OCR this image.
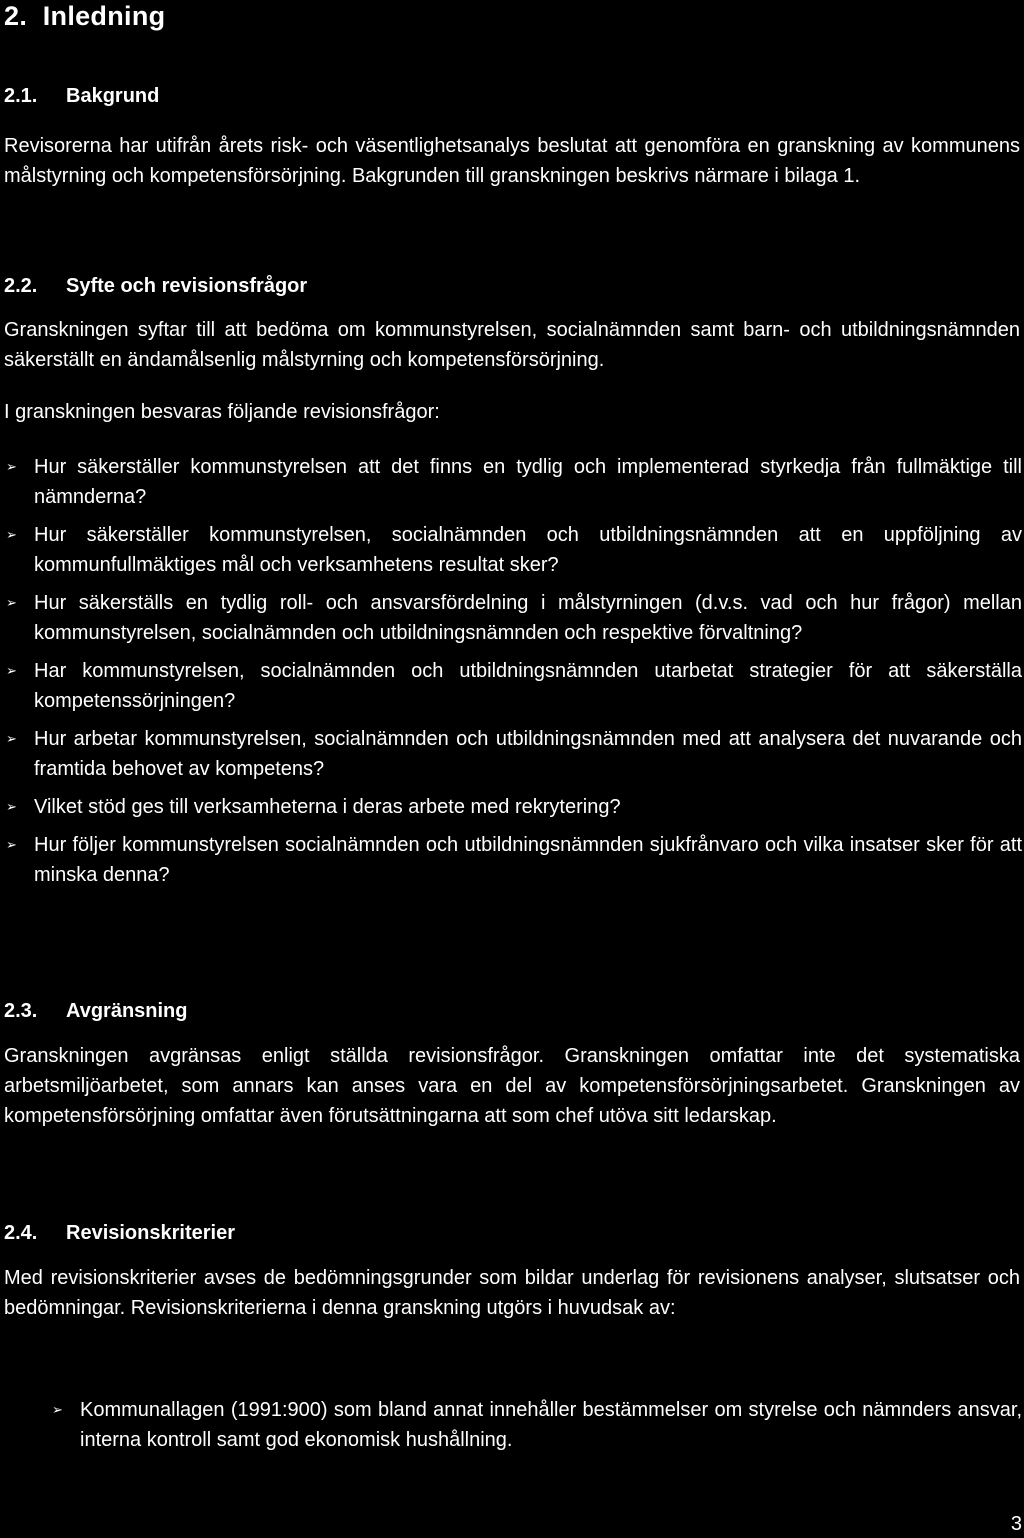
2.  Inledning
2.1. Bakgrund
Revisorerna har utifrån årets risk- och väsentlighetsanalys beslutat att genomföra en granskning av kommunens målstyrning och kompetensförsörjning. Bakgrunden till granskningen beskrivs närmare i bilaga 1.
2.2. Syfte och revisionsfrågor
Granskningen syftar till att bedöma om kommunstyrelsen, socialnämnden samt barn- och utbildningsnämnden säkerställt en ändamålsenlig målstyrning och kompetensförsörjning.
I granskningen besvaras följande revisionsfrågor:
➢ Hur säkerställer kommunstyrelsen att det finns en tydlig och implementerad styrkedja från fullmäktige till nämnderna?
➢ Hur säkerställer kommunstyrelsen, socialnämnden och utbildningsnämnden att en uppföljning av kommunfullmäktiges mål och verksamhetens resultat sker?
➢ Hur säkerställs en tydlig roll- och ansvarsfördelning i målstyrningen (d.v.s. vad och hur frågor) mellan kommunstyrelsen, socialnämnden och utbildningsnämnden och respektive förvaltning?
➢ Har kommunstyrelsen, socialnämnden och utbildningsnämnden utarbetat strategier för att säkerställa kompetenssörjningen?
➢ Hur arbetar kommunstyrelsen, socialnämnden och utbildningsnämnden med att analysera det nuvarande och framtida behovet av kompetens?
➢ Vilket stöd ges till verksamheterna i deras arbete med rekrytering?
➢ Hur följer kommunstyrelsen socialnämnden och utbildningsnämnden sjukfrånvaro och vilka insatser sker för att minska denna?
2.3. Avgränsning
Granskningen avgränsas enligt ställda revisionsfrågor. Granskningen omfattar inte det systematiska arbetsmiljöarbetet, som annars kan anses vara en del av kompetensförsörjningsarbetet. Granskningen av kompetensförsörjning omfattar även förutsättningarna att som chef utöva sitt ledarskap.
2.4. Revisionskriterier
Med revisionskriterier avses de bedömningsgrunder som bildar underlag för revisionens analyser, slutsatser och bedömningar. Revisionskriterierna i denna granskning utgörs i huvudsak av:
➢ Kommunallagen (1991:900) som bland annat innehåller bestämmelser om styrelse och nämnders ansvar, interna kontroll samt god ekonomisk hushållning.
3
